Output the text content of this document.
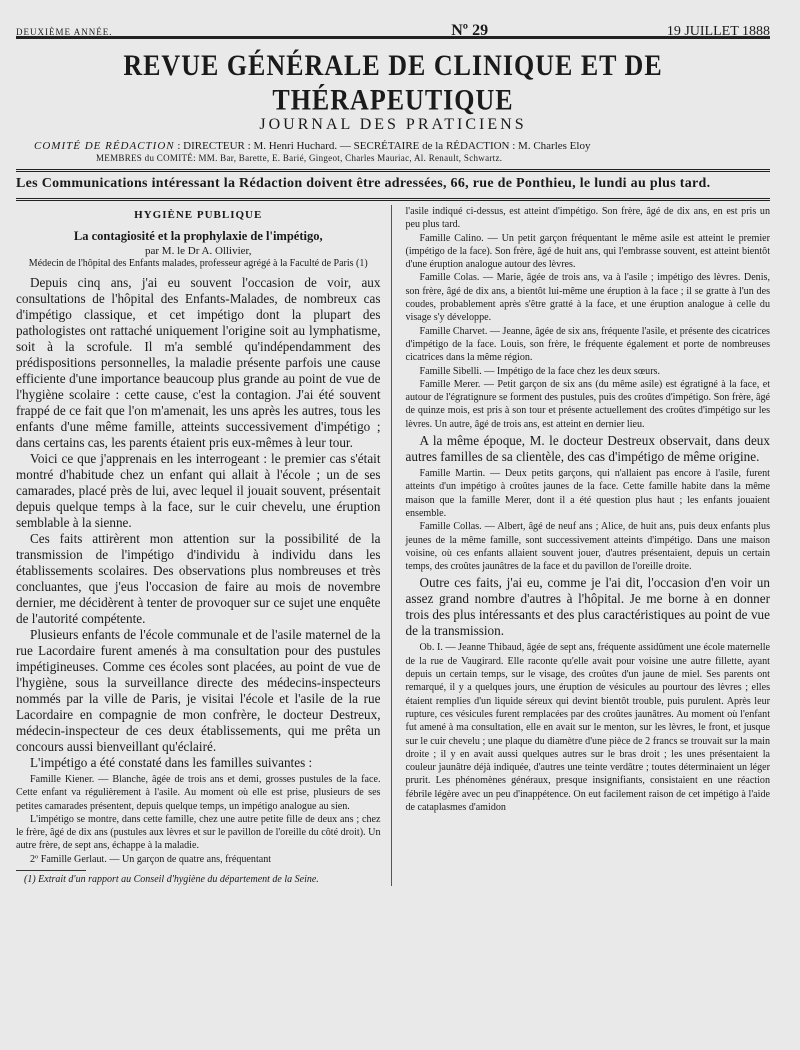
DEUXIÈME ANNÉE.	Nº 29	19 JUILLET 1888
REVUE GÉNÉRALE DE CLINIQUE ET DE THÉRAPEUTIQUE
JOURNAL DES PRATICIENS
COMITÉ DE RÉDACTION : DIRECTEUR : M. Henri Huchard. — SECRÉTAIRE de la RÉDACTION : M. Charles Eloy
MEMBRES du COMITÉ: MM. Bar, Barette, E. Barié, Gingeot, Charles Mauriac, Al. Renault, Schwartz.
Les Communications intéressant la Rédaction doivent être adressées, 66, rue de Ponthieu, le lundi au plus tard.
HYGIÈNE PUBLIQUE
La contagiosité et la prophylaxie de l'impétigo,
par M. le Dr A. Ollivier,
Médecin de l'hôpital des Enfants malades, professeur agrégé à la Faculté de Paris (1)

Depuis cinq ans, j'ai eu souvent l'occasion de voir, aux consultations de l'hôpital des Enfants-Malades, de nombreux cas d'impétigo classique, et cet impétigo dont la plupart des pathologistes ont rattaché uniquement l'origine soit au lymphatisme, soit à la scrofule. Il m'a semblé qu'indépendamment des prédispositions personnelles, la maladie présente parfois une cause efficiente d'une importance beaucoup plus grande au point de vue de l'hygiène scolaire : cette cause, c'est la contagion. J'ai été souvent frappé de ce fait que l'on m'amenait, les uns après les autres, tous les enfants d'une même famille, atteints successivement d'impétigo ; dans certains cas, les parents étaient pris eux-mêmes à leur tour.

Voici ce que j'apprenais en les interrogeant : le premier cas s'était montré d'habitude chez un enfant qui allait à l'école ; un de ses camarades, placé près de lui, avec lequel il jouait souvent, présentait depuis quelque temps à la face, sur le cuir chevelu, une éruption semblable à la sienne.

Ces faits attirèrent mon attention sur la possibilité de la transmission de l'impétigo d'individu à individu dans les établissements scolaires. Des observations plus nombreuses et très concluantes, que j'eus l'occasion de faire au mois de novembre dernier, me décidèrent à tenter de provoquer sur ce sujet une enquête de l'autorité compétente.

Plusieurs enfants de l'école communale et de l'asile maternel de la rue Lacordaire furent amenés à ma consultation pour des pustules impétigineuses. Comme ces écoles sont placées, au point de vue de l'hygiène, sous la surveillance directe des médecins-inspecteurs nommés par la ville de Paris, je visitai l'école et l'asile de la rue Lacordaire en compagnie de mon confrère, le docteur Destreux, médecin-inspecteur de ces deux établissements, qui me prêta un concours aussi bienveillant qu'éclairé.

L'impétigo a été constaté dans les familles suivantes :

Famille Kiener. — Blanche, âgée de trois ans et demi, grosses pustules de la face. Cette enfant va régulièrement à l'asile. Au moment où elle est prise, plusieurs de ses petites camarades présentent, depuis quelque temps, un impétigo analogue au sien.

L'impétigo se montre, dans cette famille, chez une autre petite fille de deux ans ; chez le frère, âgé de dix ans (pustules aux lèvres et sur le pavillon de l'oreille du côté droit). Un autre frère, de sept ans, échappe à la maladie.

2º Famille Gerlaut. — Un garçon de quatre ans, fréquentant

(1) Extrait d'un rapport au Conseil d'hygiène du département de la Seine.

l'asile indiqué ci-dessus, est atteint d'impétigo. Son frère, âgé de dix ans, en est pris un peu plus tard.

Famille Calino. — Un petit garçon fréquentant le même asile est atteint le premier (impétigo de la face). Son frère, âgé de huit ans, qui l'embrasse souvent, est atteint bientôt d'une éruption analogue autour des lèvres.

Famille Colas. — Marie, âgée de trois ans, va à l'asile ; impétigo des lèvres. Denis, son frère, âgé de dix ans, a bientôt lui-même une éruption à la face ; il se gratte à l'un des coudes, probablement après s'être gratté à la face, et une éruption analogue à celle du visage s'y développe.

Famille Charvet. — Jeanne, âgée de six ans, fréquente l'asile, et présente des cicatrices d'impétigo de la face. Louis, son frère, le fréquente également et porte de nombreuses cicatrices dans la même région.

Famille Sibelli. — Impétigo de la face chez les deux sœurs.

Famille Merer. — Petit garçon de six ans (du même asile) est égratigné à la face, et autour de l'égratignure se forment des pustules, puis des croûtes d'impétigo. Son frère, âgé de quinze mois, est pris à son tour et présente actuellement des croûtes d'impétigo sur les lèvres. Un autre, âgé de trois ans, est atteint en dernier lieu.

A la même époque, M. le docteur Destreux observait, dans deux autres familles de sa clientèle, des cas d'impétigo de même origine.

Famille Martin. — Deux petits garçons, qui n'allaient pas encore à l'asile, furent atteints d'un impétigo à croûtes jaunes de la face. Cette famille habite dans la même maison que la famille Merer, dont il a été question plus haut ; les enfants jouaient ensemble.

Famille Collas. — Albert, âgé de neuf ans ; Alice, de huit ans, puis deux enfants plus jeunes de la même famille, sont successivement atteints d'impétigo. Dans une maison voisine, où ces enfants allaient souvent jouer, d'autres présentaient, depuis un certain temps, des croûtes jaunâtres de la face et du pavillon de l'oreille droite.

Outre ces faits, j'ai eu, comme je l'ai dit, l'occasion d'en voir un assez grand nombre d'autres à l'hôpital. Je me borne à en donner trois des plus intéressants et des plus caractéristiques au point de vue de la transmission.

Ob. I. — Jeanne Thibaud, âgée de sept ans, fréquente assidûment une école maternelle de la rue de Vaugirard. Elle raconte qu'elle avait pour voisine une autre fillette, ayant depuis un certain temps, sur le visage, des croûtes d'un jaune de miel. Ses parents ont remarqué, il y a quelques jours, une éruption de vésicules au pourtour des lèvres ; elles étaient remplies d'un liquide séreux qui devint bientôt trouble, puis purulent. Après leur rupture, ces vésicules furent remplacées par des croûtes jaunâtres. Au moment où l'enfant fut amené à ma consultation, elle en avait sur le menton, sur les lèvres, le front, et jusque sur le cuir chevelu ; une plaque du diamètre d'une pièce de 2 francs se trouvait sur la main droite ; il y en avait aussi quelques autres sur le bras droit ; les unes présentaient la couleur jaunâtre déjà indiquée, d'autres une teinte verdâtre ; toutes déterminaient un léger prurit. Les phénomènes généraux, presque insignifiants, consistaient en une réaction fébrile légère avec un peu d'inappétence. On eut facilement raison de cet impétigo à l'aide de cataplasmes d'amidon
